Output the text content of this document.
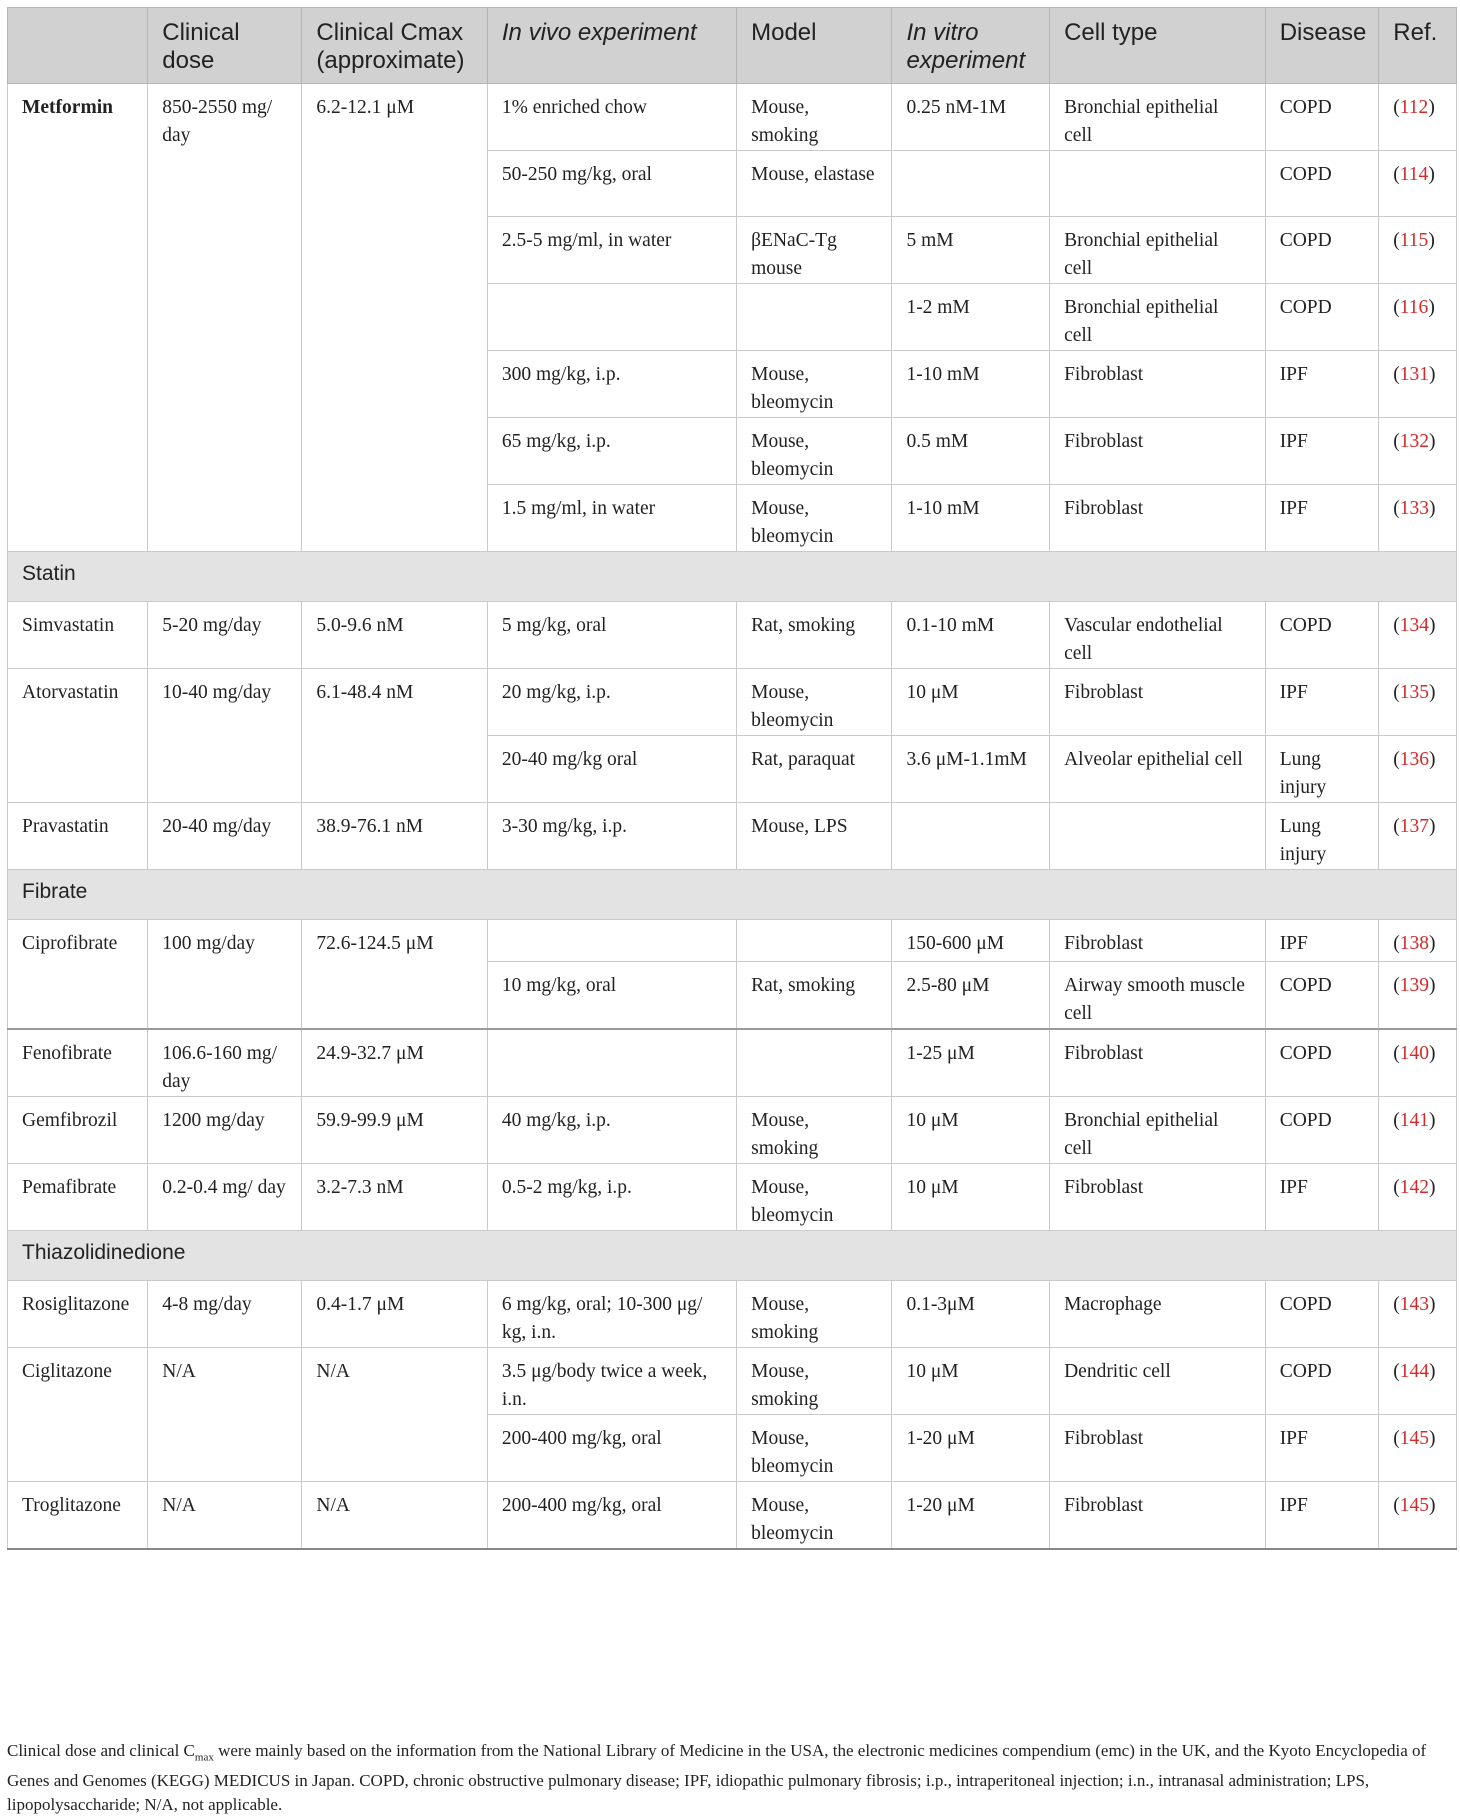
	Clinical dose	Clinical Cmax (approximate)	In vivo experiment	Model	In vitro experiment	Cell type	Disease	Ref.
Metformin	850-2550 mg/ day	6.2-12.1 μM	1% enriched chow	Mouse, smoking	0.25 nM-1M	Bronchial epithelial cell	COPD	(112)
			50-250 mg/kg, oral	Mouse, elastase			COPD	(114)
			2.5-5 mg/ml, in water	βENaC-Tg mouse	5 mM	Bronchial epithelial cell	COPD	(115)
					1-2 mM	Bronchial epithelial cell	COPD	(116)
			300 mg/kg, i.p.	Mouse, bleomycin	1-10 mM	Fibroblast	IPF	(131)
			65 mg/kg, i.p.	Mouse, bleomycin	0.5 mM	Fibroblast	IPF	(132)
			1.5 mg/ml, in water	Mouse, bleomycin	1-10 mM	Fibroblast	IPF	(133)
Statin								
Simvastatin	5-20 mg/day	5.0-9.6 nM	5 mg/kg, oral	Rat, smoking	0.1-10 mM	Vascular endothelial cell	COPD	(134)
Atorvastatin	10-40 mg/day	6.1-48.4 nM	20 mg/kg, i.p.	Mouse, bleomycin	10 μM	Fibroblast	IPF	(135)
			20-40 mg/kg oral	Rat, paraquat	3.6 μM-1.1mM	Alveolar epithelial cell	Lung injury	(136)
Pravastatin	20-40 mg/day	38.9-76.1 nM	3-30 mg/kg, i.p.	Mouse, LPS			Lung injury	(137)
Fibrate								
Ciprofibrate	100 mg/day	72.6-124.5 μM			150-600 μM	Fibroblast	IPF	(138)
			10 mg/kg, oral	Rat, smoking	2.5-80 μM	Airway smooth muscle cell	COPD	(139)
Fenofibrate	106.6-160 mg/ day	24.9-32.7 μM			1-25 μM	Fibroblast	COPD	(140)
Gemfibrozil	1200 mg/day	59.9-99.9 μM	40 mg/kg, i.p.	Mouse, smoking	10 μM	Bronchial epithelial cell	COPD	(141)
Pemafibrate	0.2-0.4 mg/ day	3.2-7.3 nM	0.5-2 mg/kg, i.p.	Mouse, bleomycin	10 μM	Fibroblast	IPF	(142)
Thiazolidinedione								
Rosiglitazone	4-8 mg/day	0.4-1.7 μM	6 mg/kg, oral; 10-300 μg/ kg, i.n.	Mouse, smoking	0.1-3μM	Macrophage	COPD	(143)
Ciglitazone	N/A	N/A	3.5 μg/body twice a week, i.n.	Mouse, smoking	10 μM	Dendritic cell	COPD	(144)
			200-400 mg/kg, oral	Mouse, bleomycin	1-20 μM	Fibroblast	IPF	(145)
Troglitazone	N/A	N/A	200-400 mg/kg, oral	Mouse, bleomycin	1-20 μM	Fibroblast	IPF	(145)
Clinical dose and clinical $C_{max}$ were mainly based on the information from the National Library of Medicine in the USA, the electronic medicines compendium (emc) in the UK, and the Kyoto Encyclopedia of Genes and Genomes (KEGG) MEDICUS in Japan. COPD, chronic obstructive pulmonary disease; IPF, idiopathic pulmonary fibrosis; i.p., intraperitoneal injection; i.n., intranasal administration; LPS, lipopolysaccharide; N/A, not applicable.
